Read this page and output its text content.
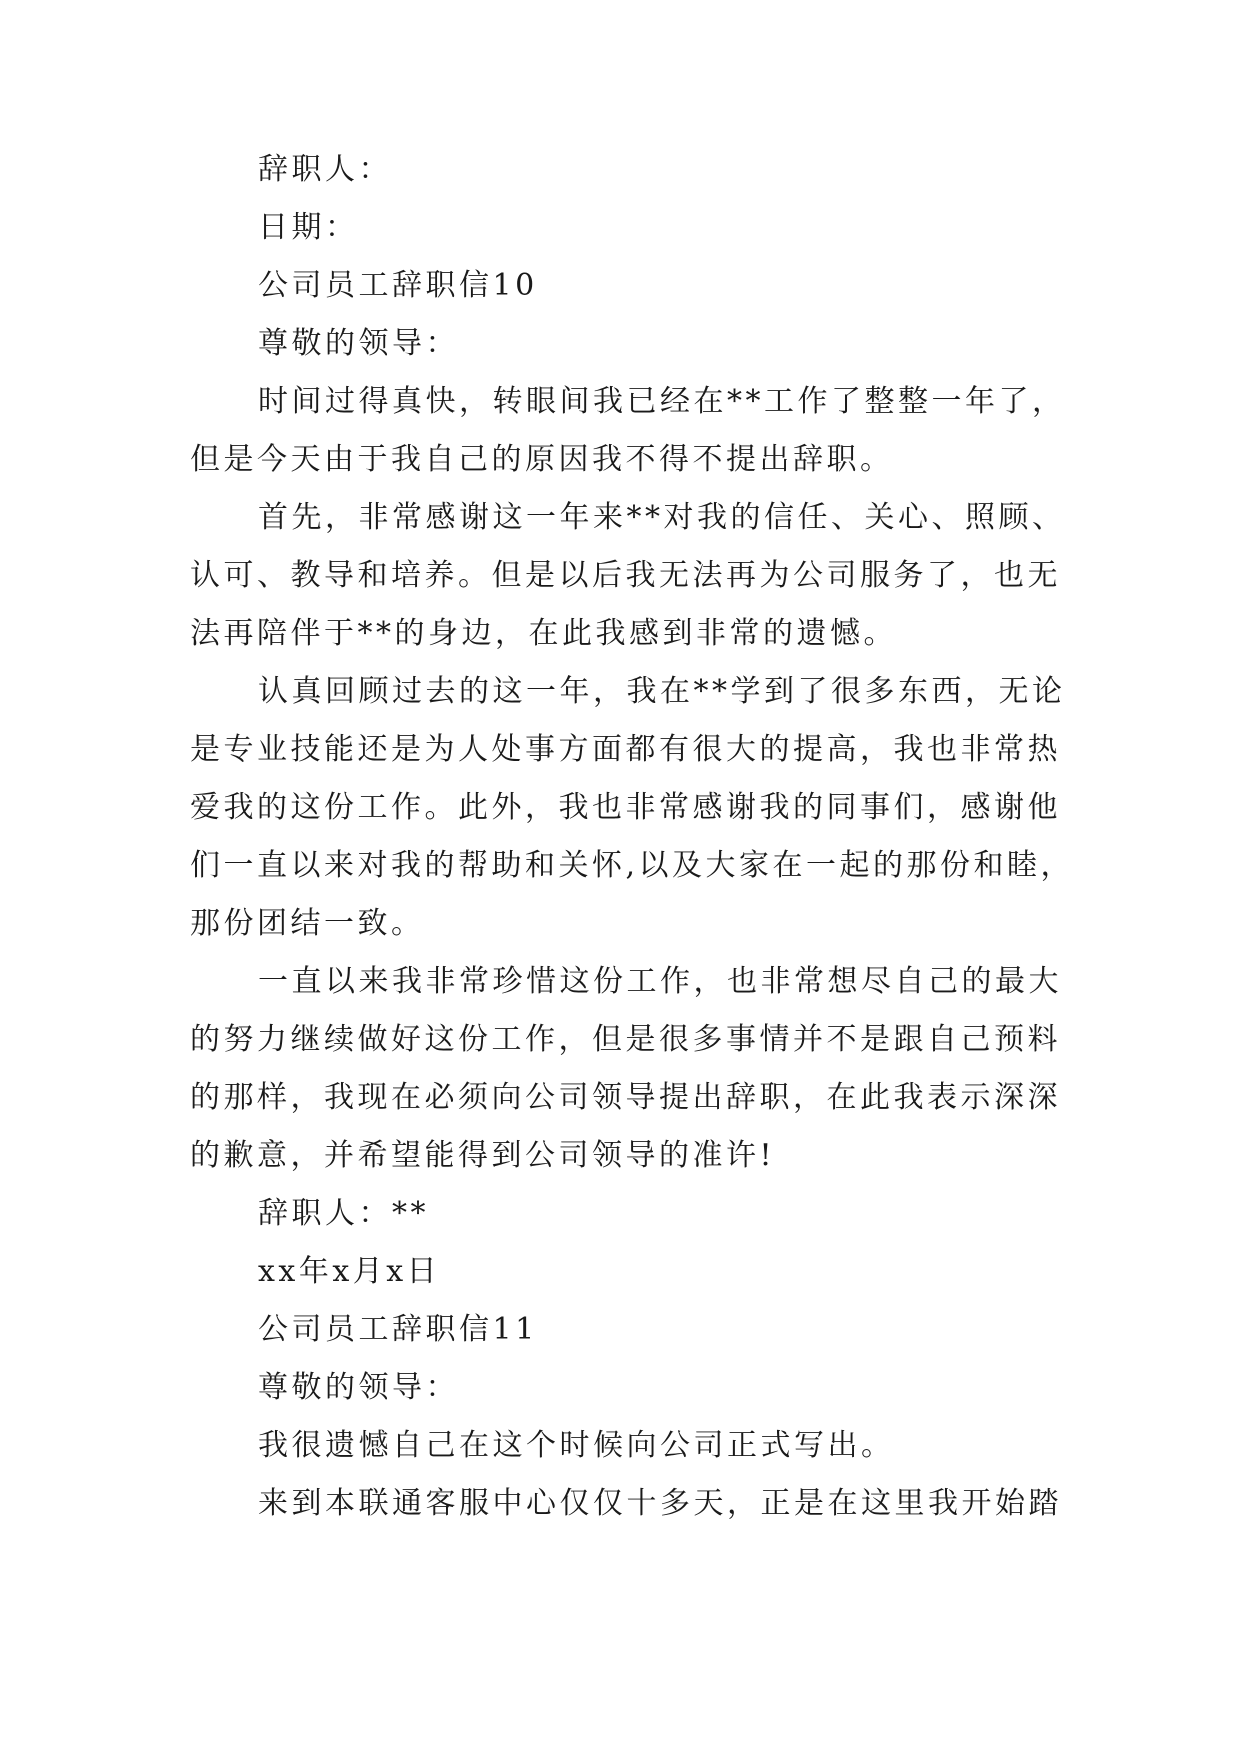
辞职人：
日期：
公司员工辞职信10
尊敬的领导：
时间过得真快，转眼间我已经在**工作了整整一年了，
但是今天由于我自己的原因我不得不提出辞职。
首先，非常感谢这一年来**对我的信任、关心、照顾、
认可、教导和培养。但是以后我无法再为公司服务了，也无
法再陪伴于**的身边，在此我感到非常的遗憾。
认真回顾过去的这一年，我在**学到了很多东西，无论
是专业技能还是为人处事方面都有很大的提高，我也非常热
爱我的这份工作。此外，我也非常感谢我的同事们，感谢他
们一直以来对我的帮助和关怀,以及大家在一起的那份和睦，
那份团结一致。
一直以来我非常珍惜这份工作，也非常想尽自己的最大
的努力继续做好这份工作，但是很多事情并不是跟自己预料
的那样，我现在必须向公司领导提出辞职，在此我表示深深
的歉意，并希望能得到公司领导的准许!
辞职人：**
xx年x月x日
公司员工辞职信11
尊敬的领导：
我很遗憾自己在这个时候向公司正式写出。
来到本联通客服中心仅仅十多天，正是在这里我开始踏
